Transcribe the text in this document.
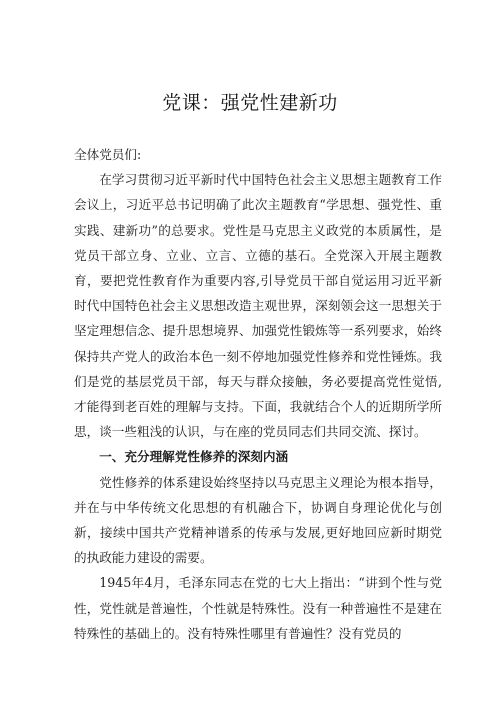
党课：强党性建新功

全体党员们:

在学习贯彻习近平新时代中国特色社会主义思想主题教育工作会议上，习近平总书记明确了此次主题教育“学思想、强党性、重实践、建新功”的总要求。党性是马克思主义政党的本质属性，是党员干部立身、立业、立言、立德的基石。全党深入开展主题教育，要把党性教育作为重要内容,引导党员干部自觉运用习近平新时代中国特色社会主义思想改造主观世界，深刻领会这一思想关于坚定理想信念、提升思想境界、加强党性锻炼等一系列要求，始终保持共产党人的政治本色一刻不停地加强党性修养和党性锤炼。我们是党的基层党员干部，每天与群众接触，务必要提高党性觉悟,才能得到老百姓的理解与支持。下面，我就结合个人的近期所学所思，谈一些粗浅的认识，与在座的党员同志们共同交流、探讨。

一、充分理解党性修养的深刻内涵

党性修养的体系建设始终坚持以马克思主义理论为根本指导，并在与中华传统文化思想的有机融合下，协调自身理论优化与创新，接续中国共产党精神谱系的传承与发展,更好地回应新时期党的执政能力建设的需要。

1945年4月，毛泽东同志在党的七大上指出：“讲到个性与党性，党性就是普遍性，个性就是特殊性。没有一种普遍性不是建在特殊性的基础上的。没有特殊性哪里有普遍性？没有党员的
